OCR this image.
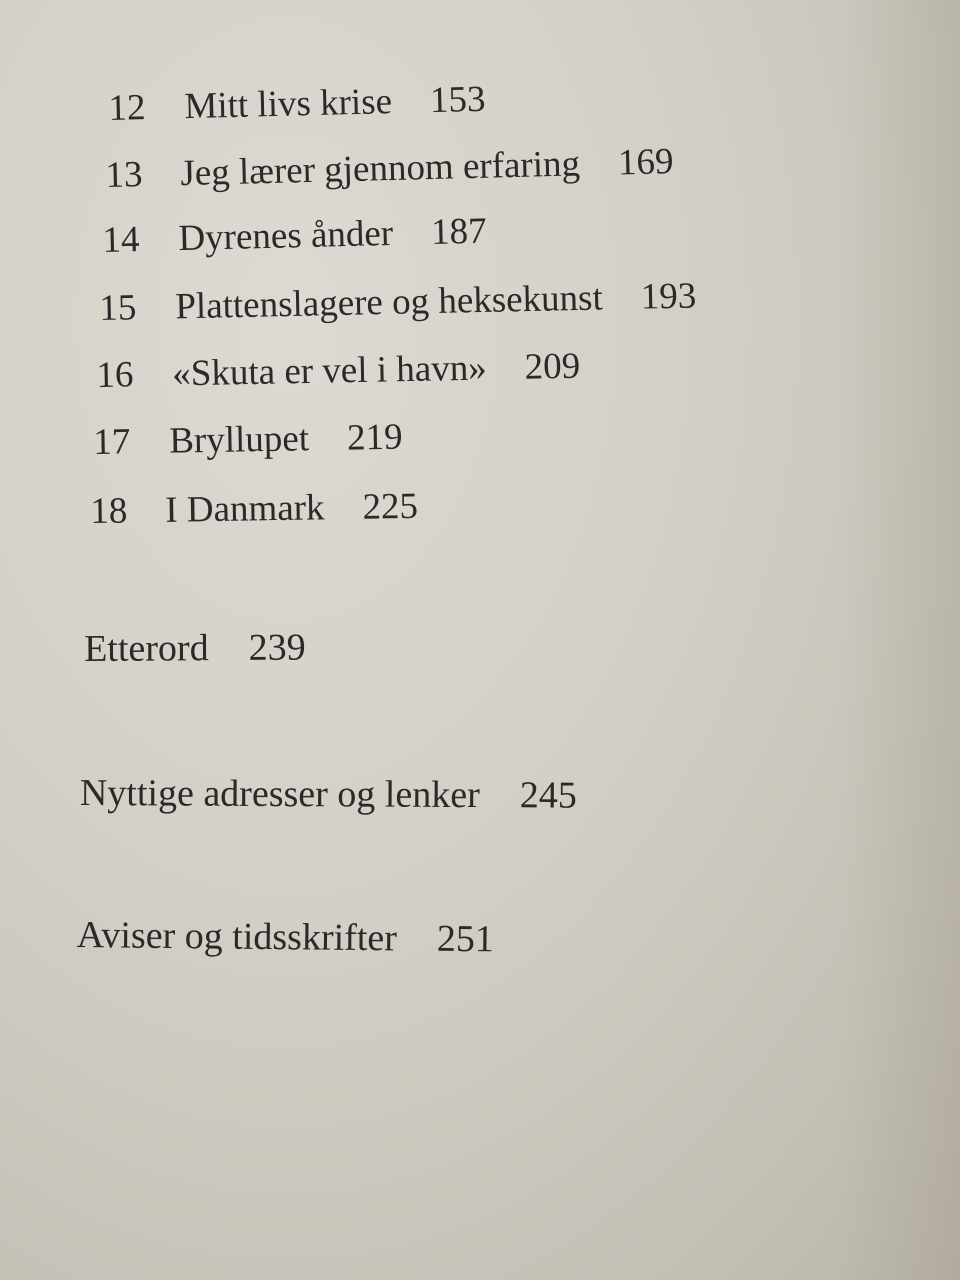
12 Mitt livs krise 153
13 Jeg lærer gjennom erfaring 169
14 Dyrenes ånder 187
15 Plattenslagere og heksekunst 193
16 «Skuta er vel i havn» 209
17 Bryllupet 219
18 I Danmark 225
Etterord 239
Nyttige adresser og lenker 245
Aviser og tidsskrifter 251
